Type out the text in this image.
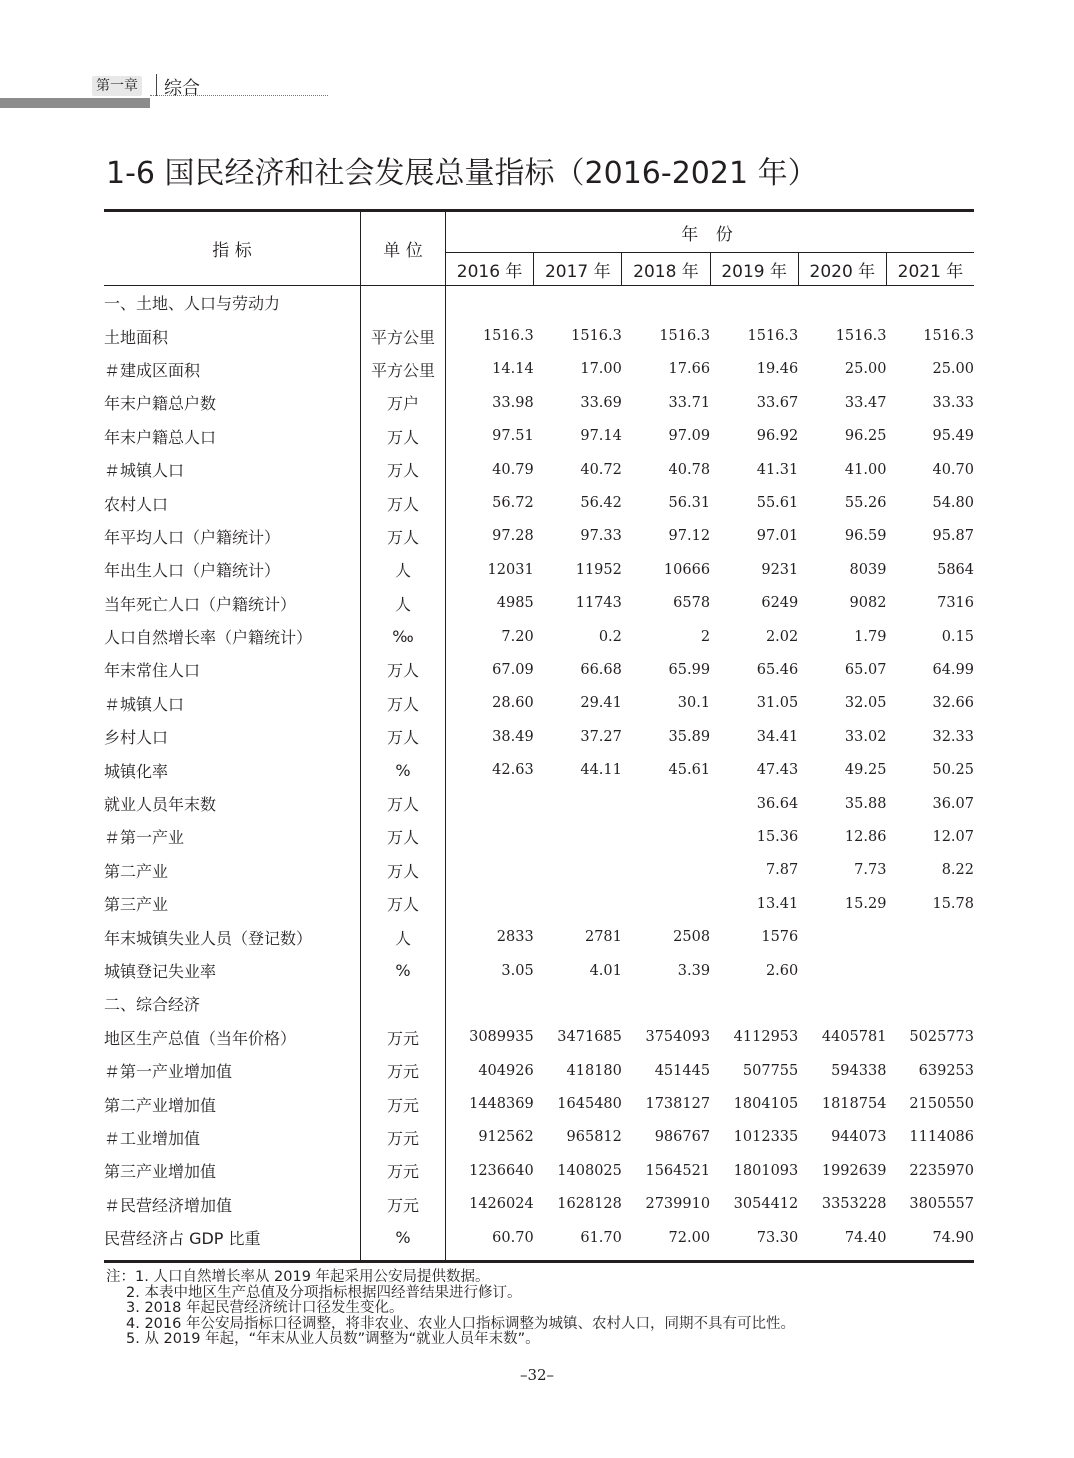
第一章 综合
1-6 国民经济和社会发展总量指标（2016-2021 年）
指 标	单 位	年 份					
		2016 年	2017 年	2018 年	2019 年	2020 年	2021 年
一、土地、人口与劳动力							
土地面积	平方公里	1516.3	1516.3	1516.3	1516.3	1516.3	1516.3
＃建成区面积	平方公里	14.14	17.00	17.66	19.46	25.00	25.00
年末户籍总户数	万户	33.98	33.69	33.71	33.67	33.47	33.33
年末户籍总人口	万人	97.51	97.14	97.09	96.92	96.25	95.49
＃城镇人口	万人	40.79	40.72	40.78	41.31	41.00	40.70
农村人口	万人	56.72	56.42	56.31	55.61	55.26	54.80
年平均人口（户籍统计）	万人	97.28	97.33	97.12	97.01	96.59	95.87
年出生人口（户籍统计）	人	12031	11952	10666	9231	8039	5864
当年死亡人口（户籍统计）	人	4985	11743	6578	6249	9082	7316
人口自然增长率（户籍统计）	‰	7.20	0.2	2	2.02	1.79	0.15
年末常住人口	万人	67.09	66.68	65.99	65.46	65.07	64.99
＃城镇人口	万人	28.60	29.41	30.1	31.05	32.05	32.66
乡村人口	万人	38.49	37.27	35.89	34.41	33.02	32.33
城镇化率	%	42.63	44.11	45.61	47.43	49.25	50.25
就业人员年末数	万人				36.64	35.88	36.07
＃第一产业	万人				15.36	12.86	12.07
第二产业	万人				7.87	7.73	8.22
第三产业	万人				13.41	15.29	15.78
年末城镇失业人员（登记数）	人	2833	2781	2508	1576		
城镇登记失业率	%	3.05	4.01	3.39	2.60		
二、综合经济							
地区生产总值（当年价格）	万元	3089935	3471685	3754093	4112953	4405781	5025773
＃第一产业增加值	万元	404926	418180	451445	507755	594338	639253
第二产业增加值	万元	1448369	1645480	1738127	1804105	1818754	2150550
＃工业增加值	万元	912562	965812	986767	1012335	944073	1114086
第三产业增加值	万元	1236640	1408025	1564521	1801093	1992639	2235970
＃民营经济增加值	万元	1426024	1628128	2739910	3054412	3353228	3805557
民营经济占 GDP 比重	%	60.70	61.70	72.00	73.30	74.40	74.90
注：1. 人口自然增长率从 2019 年起采用公安局提供数据。
2. 本表中地区生产总值及分项指标根据四经普结果进行修订。
3. 2018 年起民营经济统计口径发生变化。
4. 2016 年公安局指标口径调整，将非农业、农业人口指标调整为城镇、农村人口，同期不具有可比性。
5. 从 2019 年起，“年末从业人员数”调整为“就业人员年末数”。
–32–
